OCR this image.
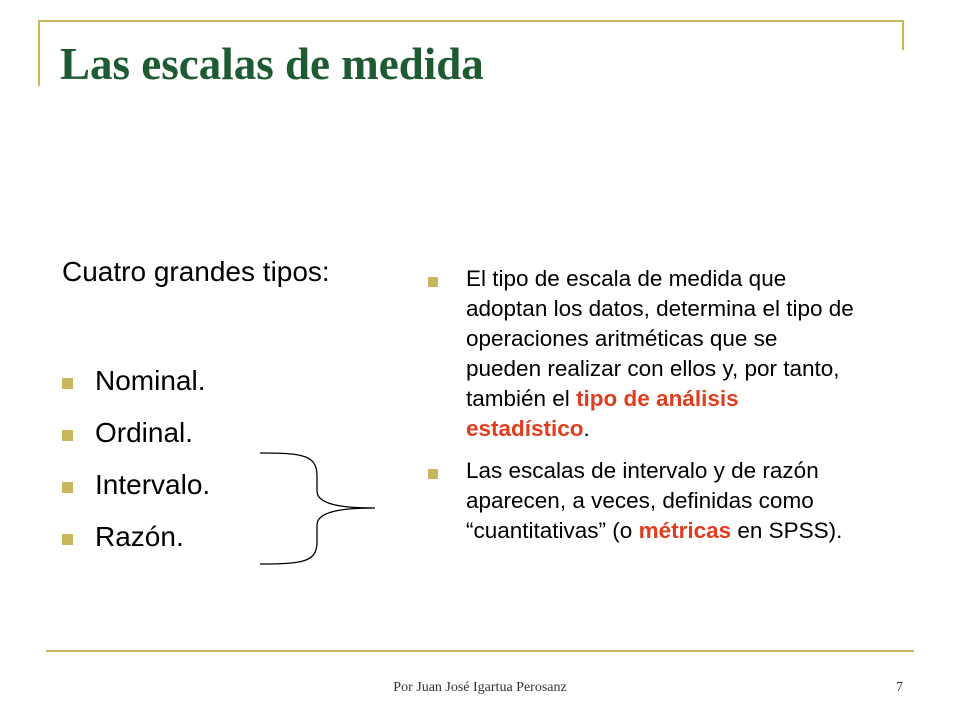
Las escalas de medida

Cuatro grandes tipos:

Nominal.
Ordinal.
Intervalo.
Razón.
El tipo de escala de medida que adoptan los datos, determina el tipo de operaciones aritméticas que se pueden realizar con ellos y, por tanto, también el tipo de análisis estadístico.
Las escalas de intervalo y de razón aparecen, a veces, definidas como “cuantitativas” (o métricas en SPSS).
Por Juan José Igartua Perosanz	7
